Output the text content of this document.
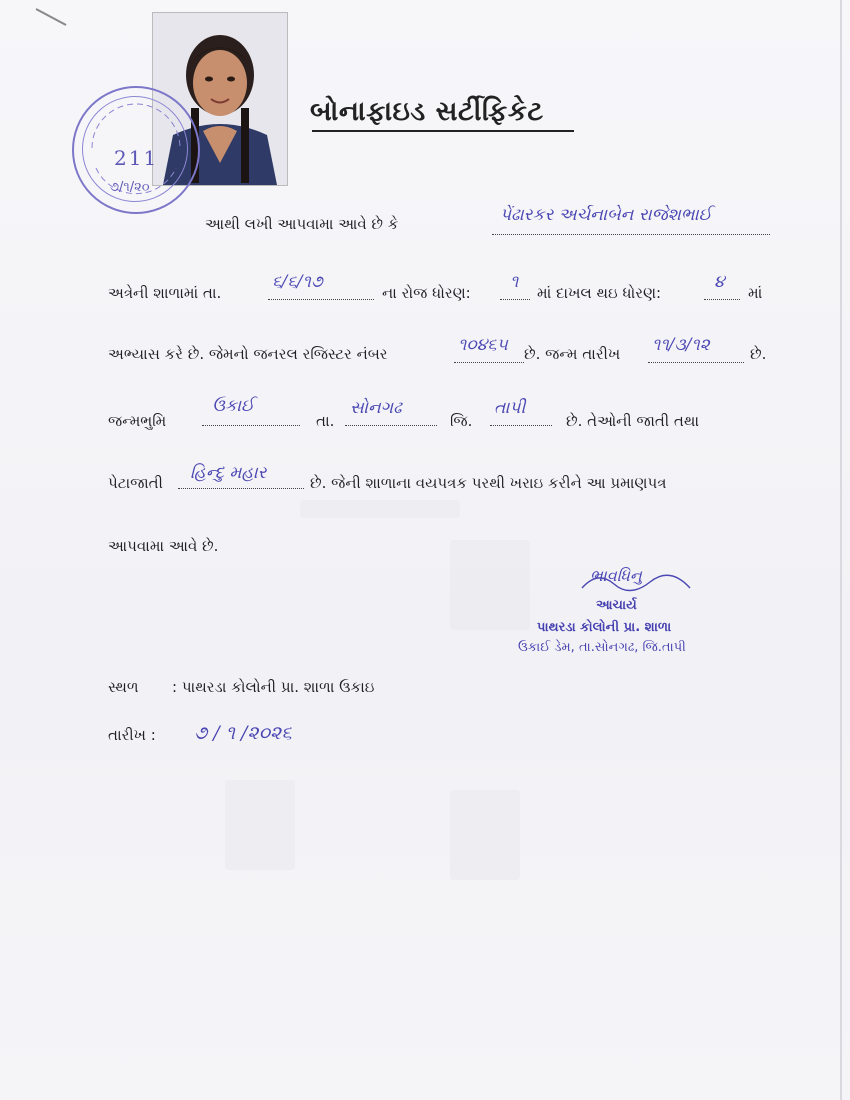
211
૭/૧/૨૦
બોનાફાઇડ સર્ટીફિકેટ
આથી લખી આપવામા આવે છે કે	પેંઢારકર અર્ચનાબેન રાજેશભાઈ
અત્રેની શાળામાં તા.
૬/૬/૧૭
ના રોજ ધોરણ:
૧
માં દાખલ થઇ ધોરણ:
૪
માં
અભ્યાસ કરે છે. જેમનો જનરલ રજિસ્ટર નંબર	૧૦૪૬૫ છે. જન્મ તારીખ ૧૧/૩/૧૨	છે.
જન્મભુમિ
ઉકાઈ
તા.
સોનગઢ
જિ.
તાપી
છે. તેઓની જાતી તથા
પેટાજાતી હિન્દુ મહાર	છે. જેની શાળાના વયપત્રક પરથી ખરાઇ કરીને આ પ્રમાણપત્ર
આપવામા આવે છે.
ભાવધિનુ
આચાર્ય
પાથરડા કોલોની પ્રા. શાળા
ઉકાઈ ડેમ, તા.સોનગઢ, જિ.તાપી
સ્થળ : પાથરડા કોલોની પ્રા. શાળા ઉકાઇ
તારીખ : ૭ / ૧ /૨૦૨૬
